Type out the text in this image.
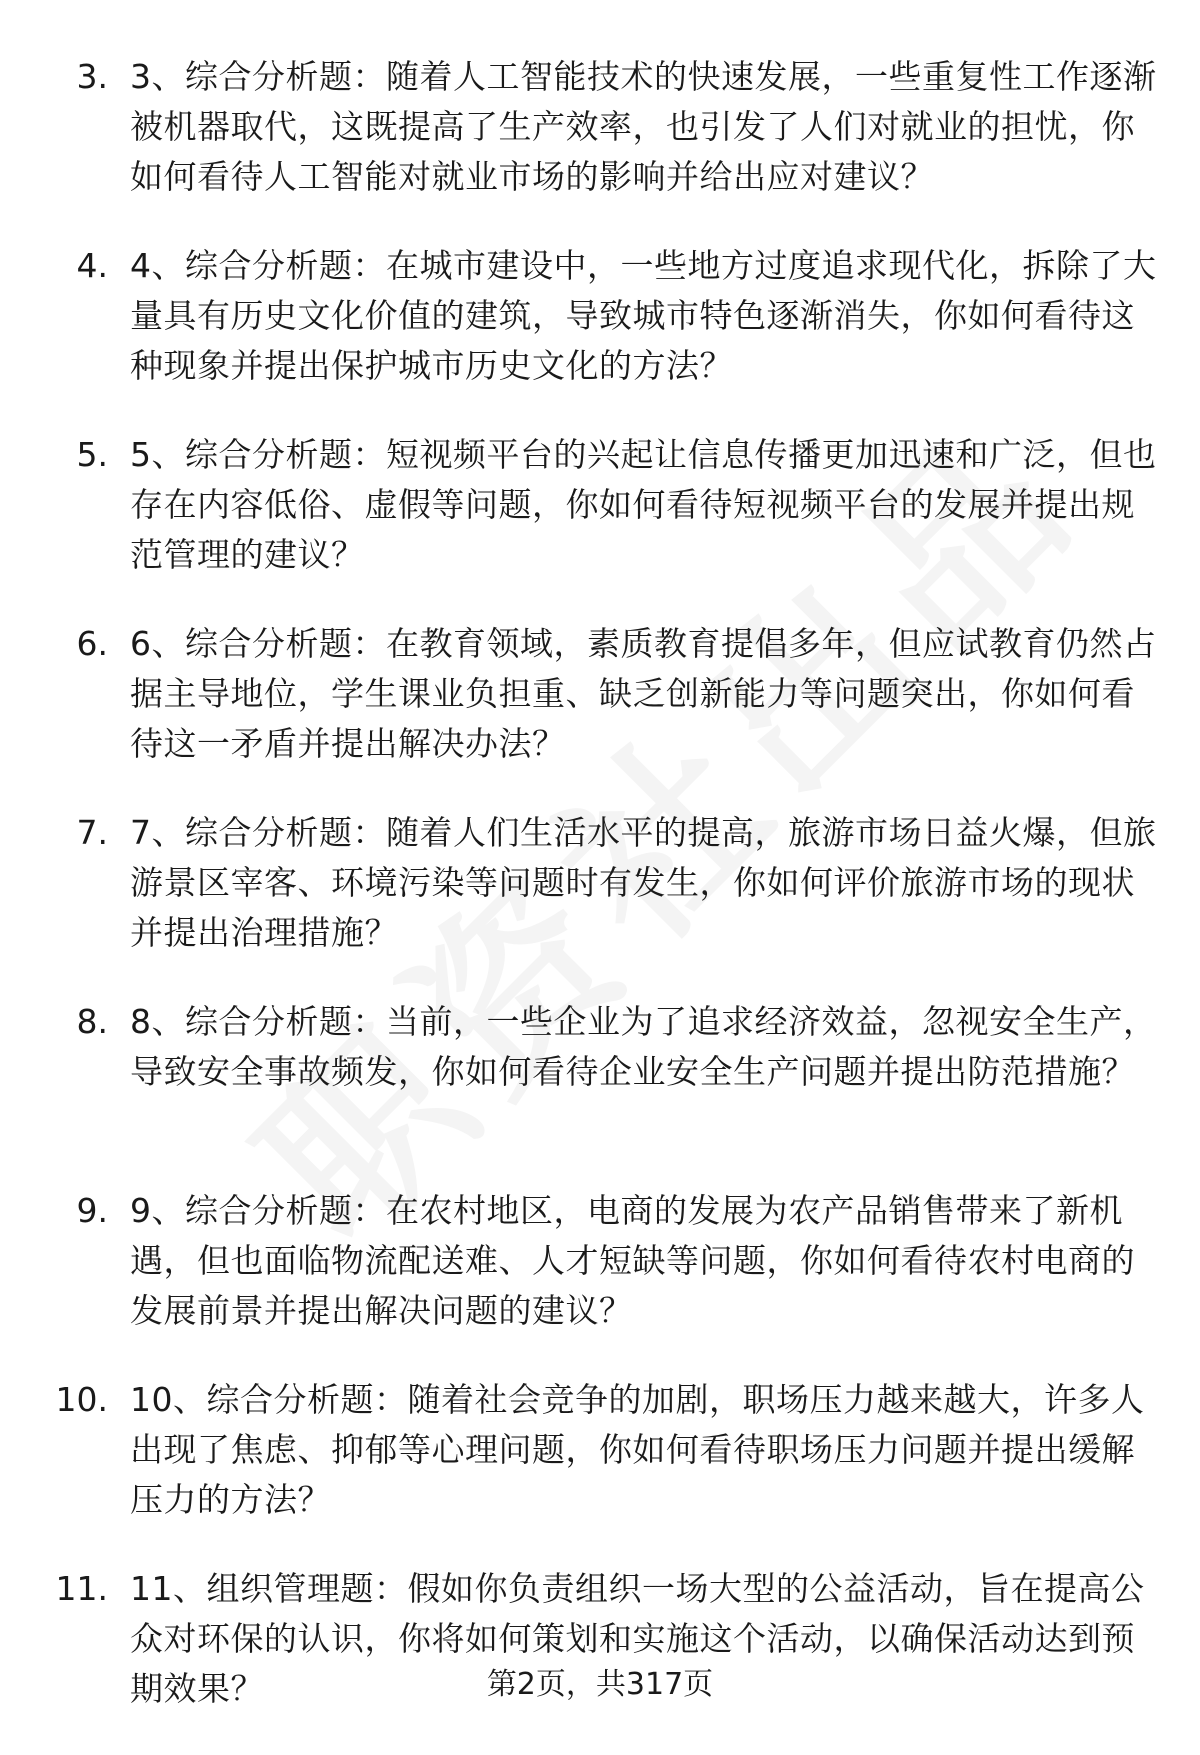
3. 3、综合分析题：随着人工智能技术的快速发展，一些重复性工作逐渐被机器取代，这既提高了生产效率，也引发了人们对就业的担忧，你如何看待人工智能对就业市场的影响并给出应对建议？
4. 4、综合分析题：在城市建设中，一些地方过度追求现代化，拆除了大量具有历史文化价值的建筑，导致城市特色逐渐消失，你如何看待这种现象并提出保护城市历史文化的方法？
5. 5、综合分析题：短视频平台的兴起让信息传播更加迅速和广泛，但也存在内容低俗、虚假等问题，你如何看待短视频平台的发展并提出规范管理的建议？
6. 6、综合分析题：在教育领域，素质教育提倡多年，但应试教育仍然占据主导地位，学生课业负担重、缺乏创新能力等问题突出，你如何看待这一矛盾并提出解决办法？
7. 7、综合分析题：随着人们生活水平的提高，旅游市场日益火爆，但旅游景区宰客、环境污染等问题时有发生，你如何评价旅游市场的现状并提出治理措施？
8. 8、综合分析题：当前，一些企业为了追求经济效益，忽视安全生产，导致安全事故频发，你如何看待企业安全生产问题并提出防范措施？
9. 9、综合分析题：在农村地区，电商的发展为农产品销售带来了新机遇，但也面临物流配送难、人才短缺等问题，你如何看待农村电商的发展前景并提出解决问题的建议？
10. 10、综合分析题：随着社会竞争的加剧，职场压力越来越大，许多人出现了焦虑、抑郁等心理问题，你如何看待职场压力问题并提出缓解压力的方法？
11. 11、组织管理题：假如你负责组织一场大型的公益活动，旨在提高公众对环保的认识，你将如何策划和实施这个活动，以确保活动达到预期效果？	第2页，共317页
